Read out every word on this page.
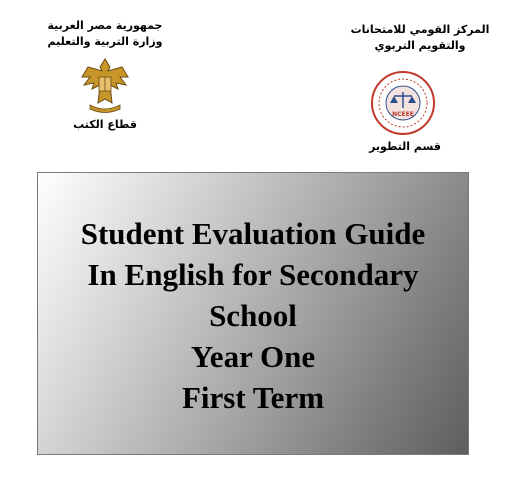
جمهورية مصر العربية
وزارة التربية والتعليم
قطاع الكتب
المركز القومي للامتحانات
والتقويم التربوي
NCEEE
قسم التطوير
Student Evaluation Guide
In English for Secondary
School
Year One
First Term
